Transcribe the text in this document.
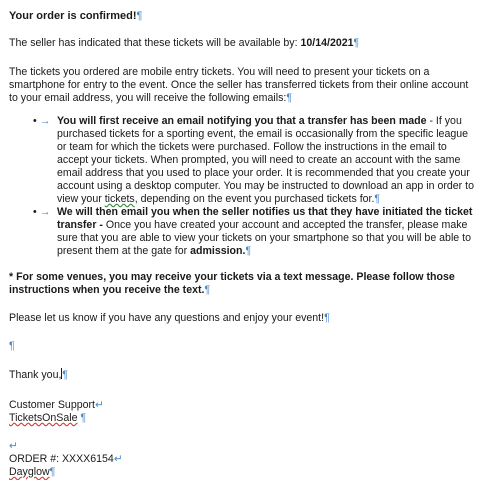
Your order is confirmed!¶

The seller has indicated that these tickets will be available by: 10/14/2021¶

The tickets you ordered are mobile entry tickets. You will need to present your tickets on a smartphone for entry to the event. Once the seller has transferred tickets from their online account to your email address, you will receive the following emails:¶

• → You will first receive an email notifying you that a transfer has been made - If you purchased tickets for a sporting event, the email is occasionally from the specific league or team for which the tickets were purchased. Follow the instructions in the email to accept your tickets. When prompted, you will need to create an account with the same email address that you used to place your order. It is recommended that you create your account using a desktop computer. You may be instructed to download an app in order to view your tickets, depending on the event you purchased tickets for.¶
• → We will then email you when the seller notifies us that they have initiated the ticket transfer - Once you have created your account and accepted the transfer, please make sure that you are able to view your tickets on your smartphone so that you will be able to present them at the gate for admission.¶

* For some venues, you may receive your tickets via a text message. Please follow those instructions when you receive the text.¶

Please let us know if you have any questions and enjoy your event!¶

¶

Thank you,¶

Customer Support↵

TicketsOnSale ¶

↵

ORDER #: XXXX6154↵

Dayglow¶
